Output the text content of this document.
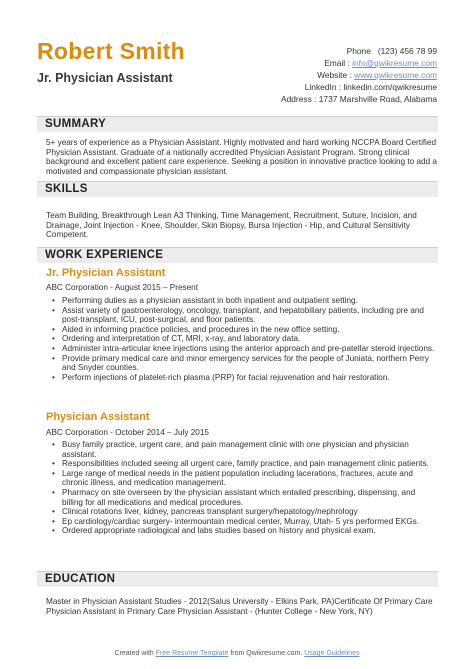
Robert Smith
Jr. Physician Assistant
Phone (123) 456 78 99
Email : info@qwikresume.com
Website : www.qwikresume.com
LinkedIn : linkedin.com/qwikresume
Address : 1737 Marshville Road, Alabama
SUMMARY
5+ years of experience as a Physician Assistant. Highly motivated and hard working NCCPA Board Certified Physician Assistant. Graduate of a nationally accredited Physician Assistant Program. Strong clinical background and excellent patient care experience. Seeking a position in innovative practice looking to add a motivated and compassionate physician assistant.
SKILLS
Team Building, Breakthrough Lean A3 Thinking, Time Management, Recruitment, Suture, Incision, and Drainage, Joint Injection - Knee, Shoulder, Skin Biopsy, Bursa Injection - Hip, and Cultural Sensitivity Competent.
WORK EXPERIENCE
Jr. Physician Assistant
ABC Corporation - August 2015 – Present
• Performing duties as a physician assistant in both inpatient and outpatient setting.
• Assist variety of gastroenterology, oncology, transplant, and hepatobiliary patients, including pre and post-transplant, ICU, post-surgical, and floor patients.
• Aided in informing practice policies, and procedures in the new office setting.
• Ordering and interpretation of CT, MRI, x-ray, and laboratory data.
• Administer intra-articular knee injections using the anterior approach and pre-patellar steroid injections.
• Provide primary medical care and minor emergency services for the people of Juniata, northern Perry and Snyder counties.
• Perform injections of platelet-rich plasma (PRP) for facial rejuvenation and hair restoration.
Physician Assistant
ABC Corporation - October 2014 – July 2015
• Busy family practice, urgent care, and pain management clinic with one physician and physician assistant.
• Responsibilities included seeing all urgent care, family practice, and pain management clinic patients.
• Large range of medical needs in the patient population including lacerations, fractures, acute and chronic illness, and medication management.
• Pharmacy on site overseen by the physician assistant which entailed prescribing, dispensing, and billing for all medications and medical procedures.
• Clinical rotations liver, kidney, pancreas transplant surgery/hepatology/nephrology
• Ep cardiology/cardiac surgery- intermountain medical center, Murray, Utah- 5 yrs performed EKGs.
• Ordered appropriate radiological and labs studies based on history and physical exam.
EDUCATION
Master in Physician Assistant Studies - 2012(Salus University - Elkins Park, PA)Certificate Of Primary Care Physician Assistant in Primary Care Physician Assistant - (Hunter College - New York, NY)
Created with Free Resume Template from Qwikresume.com. Usage Guidelines
